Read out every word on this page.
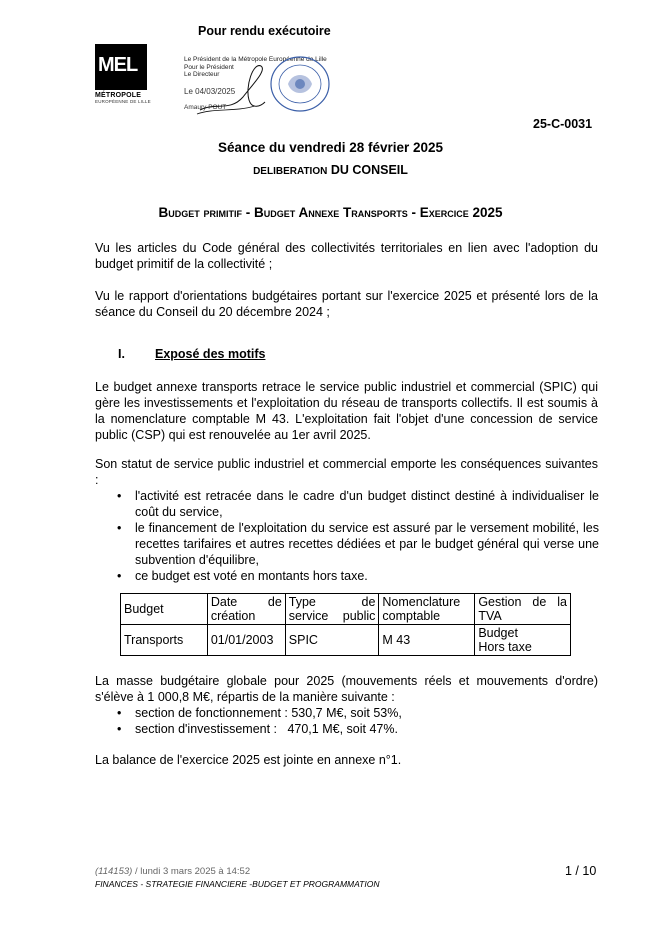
Pour rendu exécutoire
MEL
MÉTROPOLE
EUROPÉENNE DE LILLE
Le Président de la Métropole Européenne de Lille
Pour le Président
Le Directeur
Le 04/03/2025
Amaury POUT
25-C-0031
Séance du vendredi 28 février 2025
DELIBERATION DU CONSEIL
Budget primitif - Budget Annexe Transports - Exercice 2025
Vu les articles du Code général des collectivités territoriales en lien avec l'adoption du budget primitif de la collectivité ;
Vu le rapport d'orientations budgétaires portant sur l'exercice 2025 et présenté lors de la séance du Conseil du 20 décembre 2024 ;
I. Exposé des motifs
Le budget annexe transports retrace le service public industriel et commercial (SPIC) qui gère les investissements et l'exploitation du réseau de transports collectifs. Il est soumis à la nomenclature comptable M 43. L'exploitation fait l'objet d'une concession de service public (CSP) qui est renouvelée au 1er avril 2025.
Son statut de service public industriel et commercial emporte les conséquences suivantes :
• l'activité est retracée dans le cadre d'un budget distinct destiné à individualiser le coût du service,
• le financement de l'exploitation du service est assuré par le versement mobilité, les recettes tarifaires et autres recettes dédiées et par le budget général qui verse une subvention d'équilibre,
• ce budget est voté en montants hors taxe.
Budget	Date de création	Type de service public	Nomenclature comptable	Gestion de la TVA
Transports	01/01/2003	SPIC	M 43	Budget
Hors taxe
La masse budgétaire globale pour 2025 (mouvements réels et mouvements d'ordre) s'élève à 1 000,8 M€, répartis de la manière suivante :
• section de fonctionnement : 530,7 M€, soit 53%,
• section d'investissement :   470,1 M€, soit 47%.
La balance de l'exercice 2025 est jointe en annexe n°1.
(114153) / lundi 3 mars 2025 à 14:52
FINANCES - STRATEGIE FINANCIERE -BUDGET ET PROGRAMMATION
1 / 10
